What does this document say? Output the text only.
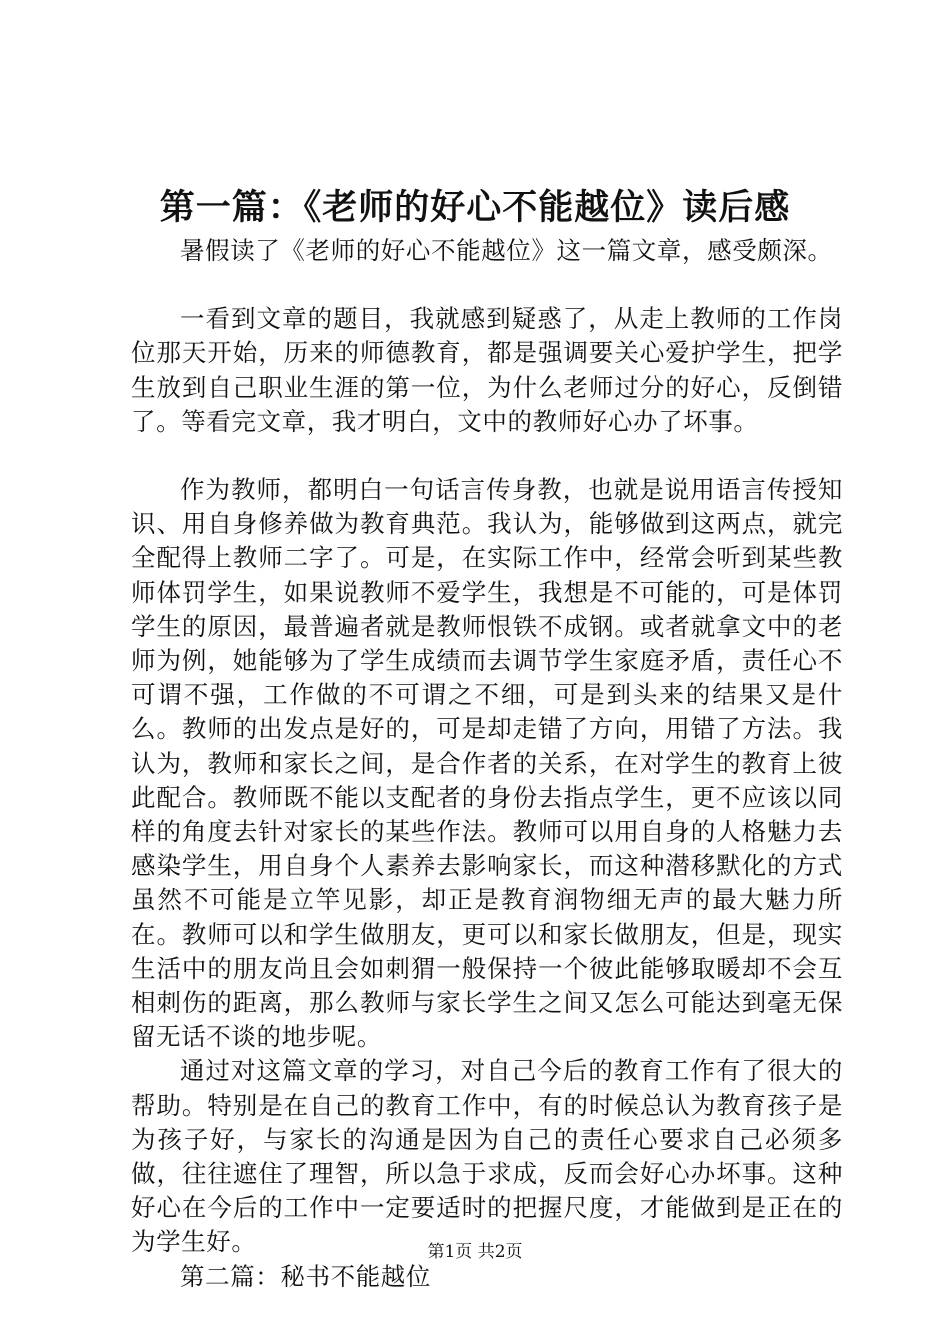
第一篇：《老师的好心不能越位》读后感

暑假读了《老师的好心不能越位》这一篇文章，感受颇深。

一看到文章的题目，我就感到疑惑了，从走上教师的工作岗位那天开始，历来的师德教育，都是强调要关心爱护学生，把学生放到自己职业生涯的第一位，为什么老师过分的好心，反倒错了。等看完文章，我才明白，文中的教师好心办了坏事。

作为教师，都明白一句话言传身教，也就是说用语言传授知识、用自身修养做为教育典范。我认为，能够做到这两点，就完全配得上教师二字了。可是，在实际工作中，经常会听到某些教师体罚学生，如果说教师不爱学生，我想是不可能的，可是体罚学生的原因，最普遍者就是教师恨铁不成钢。或者就拿文中的老师为例，她能够为了学生成绩而去调节学生家庭矛盾，责任心不可谓不强，工作做的不可谓之不细，可是到头来的结果又是什么。教师的出发点是好的，可是却走错了方向，用错了方法。我认为，教师和家长之间，是合作者的关系，在对学生的教育上彼此配合。教师既不能以支配者的身份去指点学生，更不应该以同样的角度去针对家长的某些作法。教师可以用自身的人格魅力去感染学生，用自身个人素养去影响家长，而这种潜移默化的方式虽然不可能是立竿见影，却正是教育润物细无声的最大魅力所在。教师可以和学生做朋友，更可以和家长做朋友，但是，现实生活中的朋友尚且会如刺猬一般保持一个彼此能够取暖却不会互相刺伤的距离，那么教师与家长学生之间又怎么可能达到毫无保留无话不谈的地步呢。

通过对这篇文章的学习，对自己今后的教育工作有了很大的帮助。特别是在自己的教育工作中，有的时候总认为教育孩子是为孩子好，与家长的沟通是因为自己的责任心要求自己必须多做，往往遮住了理智，所以急于求成，反而会好心办坏事。这种好心在今后的工作中一定要适时的把握尺度，才能做到是正在的为学生好。

第二篇：秘书不能越位

第1页 共2页
